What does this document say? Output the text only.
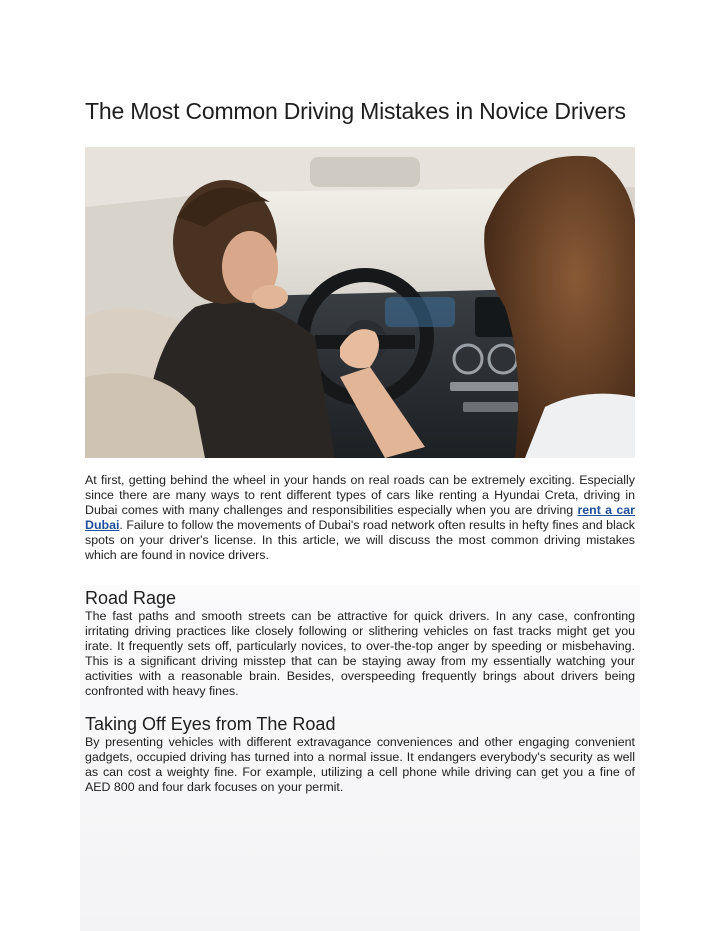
The Most Common Driving Mistakes in Novice Drivers

At first, getting behind the wheel in your hands on real roads can be extremely exciting. Especially since there are many ways to rent different types of cars like renting a Hyundai Creta, driving in Dubai comes with many challenges and responsibilities especially when you are driving rent a car Dubai. Failure to follow the movements of Dubai's road network often results in hefty fines and black spots on your driver's license. In this article, we will discuss the most common driving mistakes which are found in novice drivers.

Road Rage

The fast paths and smooth streets can be attractive for quick drivers. In any case, confronting irritating driving practices like closely following or slithering vehicles on fast tracks might get you irate. It frequently sets off, particularly novices, to over-the-top anger by speeding or misbehaving. This is a significant driving misstep that can be staying away from my essentially watching your activities with a reasonable brain. Besides, overspeeding frequently brings about drivers being confronted with heavy fines.

Taking Off Eyes from The Road

By presenting vehicles with different extravagance conveniences and other engaging convenient gadgets, occupied driving has turned into a normal issue. It endangers everybody's security as well as can cost a weighty fine. For example, utilizing a cell phone while driving can get you a fine of AED 800 and four dark focuses on your permit.
